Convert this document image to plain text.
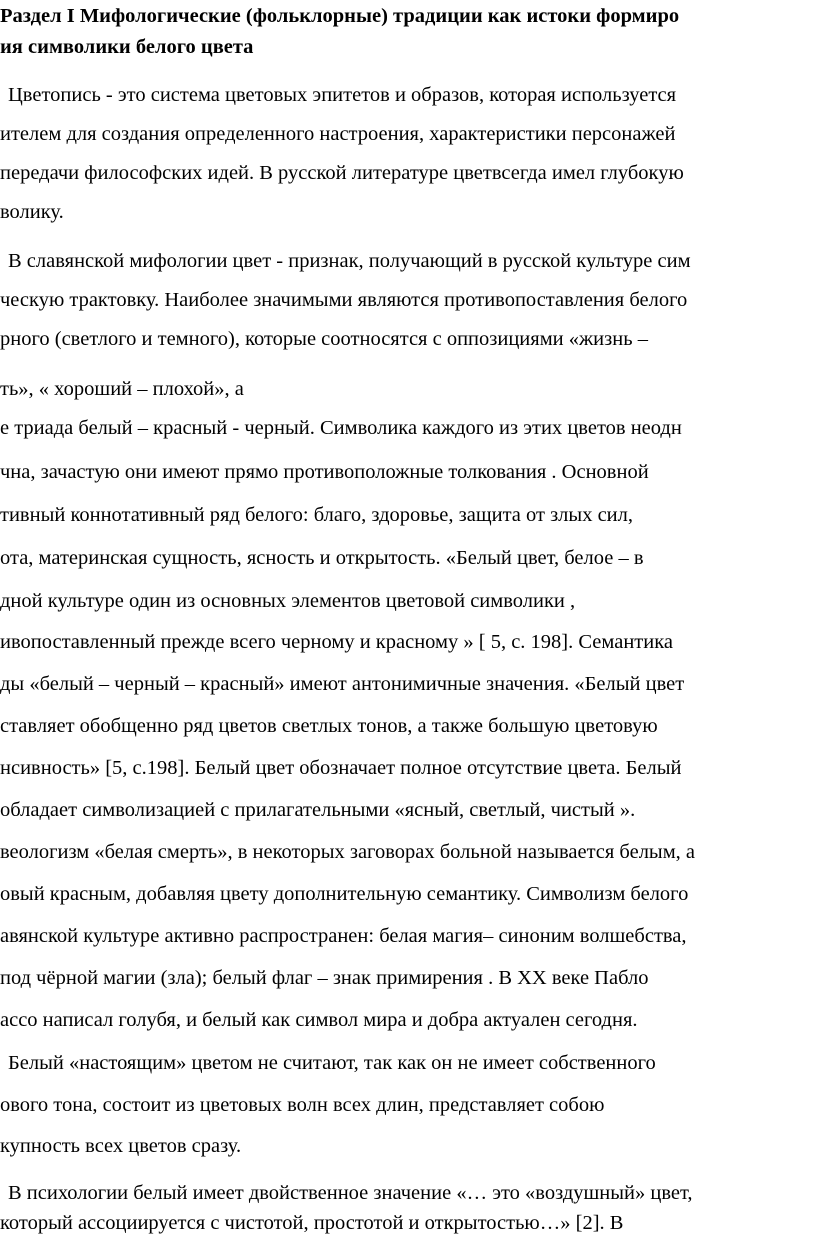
Раздел I Мифологические (фольклорные) традиции как истоки формиро
ия символики белого цвета
Цветопись - это система цветовых эпитетов и образов, которая используется
ителем для создания определенного настроения, характеристики персонажей
передачи философских идей. В русской литературе цветвсегда имел глубокую
волику.
В славянской мифологии цвет - признак, получающий в русской культуре сим
ческую трактовку. Наиболее значимыми являются противопоставления белого
рного (светлого и темного), которые соотносятся с оппозициями «жизнь –
ть», « хороший – плохой», а
е триада белый – красный - черный. Символика каждого из этих цветов неодн
чна, зачастую они имеют прямо противоположные толкования . Основной
тивный коннотативный ряд белого: благо, здоровье, защита от злых сил,
ота, материнская сущность, ясность и открытость. «Белый цвет, белое – в
дной культуре один из основных элементов цветовой символики ,
ивопоставленный прежде всего черному и красному » [ 5, с. 198]. Семантика
ды «белый – черный – красный» имеют антонимичные значения. «Белый цвет
ставляет обобщенно ряд цветов светлых тонов, а также большую цветовую
нсивность» [5, с.198]. Белый цвет обозначает полное отсутствие цвета. Белый
обладает символизацией с прилагательными «ясный, светлый, чистый ».
веологизм «белая смерть», в некоторых заговорах больной называется белым, а
овый красным, добавляя цвету дополнительную семантику. Символизм белого
авянской культуре активно распространен: белая магия– синоним волшебства,
под чёрной магии (зла); белый флаг – знак примирения . В XX веке Пабло
ассо написал голубя, и белый как символ мира и добра актуален сегодня.
Белый «настоящим» цветом не считают, так как он не имеет собственного
ового тона, состоит из цветовых волн всех длин, представляет собою
купность всех цветов сразу.
В психологии белый имеет двойственное значение «… это «воздушный» цвет,
который ассоциируется с чистотой, простотой и открытостью…» [2]. В
